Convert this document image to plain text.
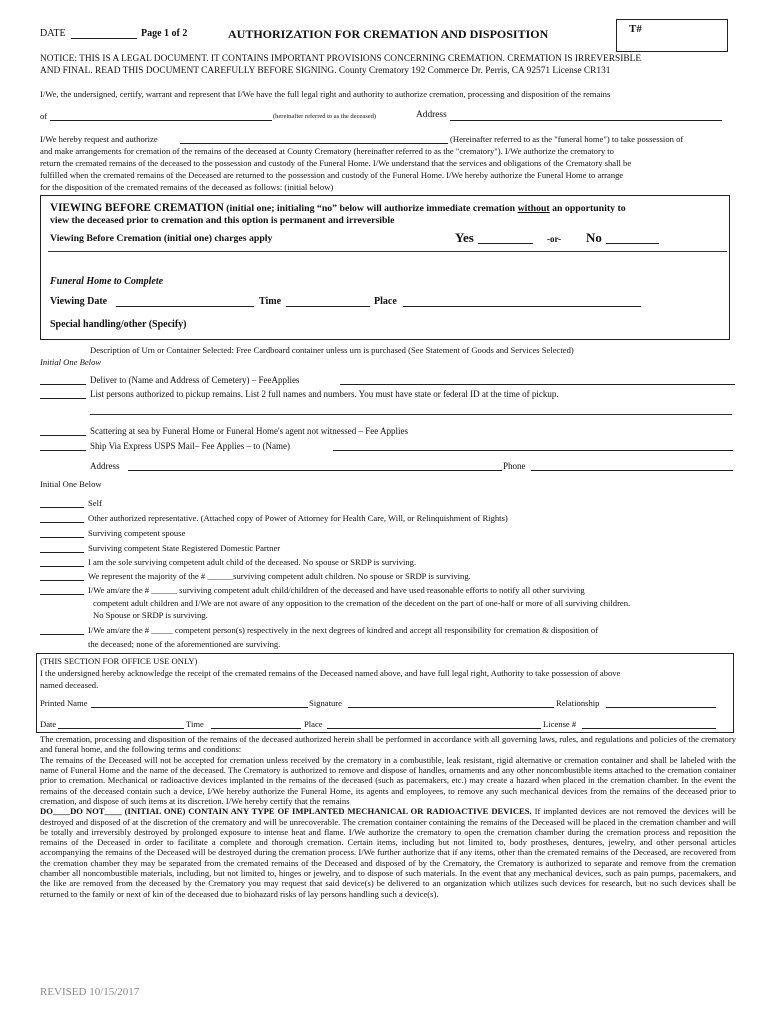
DATE	Page 1 of 2	AUTHORIZATION FOR CREMATION AND DISPOSITION	T#
NOTICE: THIS IS A LEGAL DOCUMENT. IT CONTAINS IMPORTANT PROVISIONS CONCERNING CREMATION. CREMATION IS IRREVERSIBLE
AND FINAL. READ THIS DOCUMENT CAREFULLY BEFORE SIGNING. County Crematory 192 Commerce Dr. Perris, CA 92571 License CR131
I/We, the undersigned, certify, warrant and represent that I/We have the full legal right and authority to authorize cremation, processing and disposition of the remains
of	(hereinafter referred to as the deceased)	Address
I/We hereby request and authorize	(Hereinafter referred to as the "funeral home") to take possession of
and make arrangements for cremation of the remains of the deceased at County Crematory (hereinafter referred to as the "crematory"). I/We authorize the crematory to
return the cremated remains of the deceased to the possession and custody of the Funeral Home. I/We understand that the services and obligations of the Crematory shall be
fulfilled when the cremated remains of the Deceased are returned to the possession and custody of the Funeral Home. I/We hereby authorize the Funeral Home to arrange
for the disposition of the cremated remains of the deceased as follows: (initial below)
VIEWING BEFORE CREMATION (initial one; initialing “no” below will authorize immediate cremation without an opportunity to
view the deceased prior to cremation and this option is permanent and irreversible
Viewing Before Cremation (initial one) charges apply	Yes	-or- No
Funeral Home to Complete
Viewing Date	Time	Place
Special handling/other (Specify)
Description of Urn or Container Selected: Free Cardboard container unless urn is purchased (See Statement of Goods and Services Selected)
Initial One Below
Deliver to (Name and Address of Cemetery) – FeeApplies
List persons authorized to pickup remains. List 2 full names and numbers. You must have state or federal ID at the time of pickup.
Scattering at sea by Funeral Home or Funeral Home's agent not witnessed – Fee Applies
Ship Via Express USPS Mail– Fee Applies – to (Name)
Address	Phone
Initial One Below
Self
Other authorized representative. (Attached copy of Power of Attorney for Health Care, Will, or Relinquishment of Rights)
Surviving competent spouse
Surviving competent State Registered Domestic Partner
I am the sole surviving competent adult child of the deceased. No spouse or SRDP is surviving.
We represent the majority of the # ______surviving competent adult children. No spouse or SRDP is surviving.
I/We am/are the # ______ surviving competent adult child/children of the deceased and have used reasonable efforts to notify all other surviving
competent adult children and I/We are not aware of any opposition to the cremation of the decedent on the part of one-half or more of all surviving children.
No Spouse or SRDP is surviving.
I/We am/are the # _____ competent person(s) respectively in the next degrees of kindred and accept all responsibility for cremation & disposition of
the deceased; none of the aforementioned are surviving.
(THIS SECTION FOR OFFICE USE ONLY)
I the undersigned hereby acknowledge the receipt of the cremated remains of the Deceased named above, and have full legal right, Authority to take possession of above
named deceased.
Printed Name	Signature	Relationship
Date	Time	Place	License #
The cremation, processing and disposition of the remains of the deceased authorized herein shall be performed in accordance with all governing laws, rules, and regulations and policies of the crematory and funeral home, and the following terms and conditions:
The remains of the Deceased will not be accepted for cremation unless received by the crematory in a combustible, leak resistant, rigid alternative or cremation container and shall be labeled with the name of Funeral Home and the name of the deceased. The Crematory is authorized to remove and dispose of handles, ornaments and any other noncombustible items attached to the cremation container prior to cremation. Mechanical or radioactive devices implanted in the remains of the deceased (such as pacemakers, etc.) may create a hazard when placed in the cremation chamber. In the event the remains of the deceased contain such a device, I/We hereby authorize the Funeral Home, its agents and employees, to remove any such mechanical devices from the remains of the deceased prior to cremation, and dispose of such items at its discretion. I/We hereby certify that the remains
DO____DO NOT____ (INITIAL ONE) CONTAIN ANY TYPE OF IMPLANTED MECHANICAL OR RADIOACTIVE DEVICES. If implanted devices are not removed the devices will be destroyed and disposed of at the discretion of the crematory and will be unrecoverable. The cremation container containing the remains of the Deceased will be placed in the cremation chamber and will be totally and irreversibly destroyed by prolonged exposure to intense heat and flame. I/We authorize the crematory to open the cremation chamber during the cremation process and reposition the remains of the Deceased in order to facilitate a complete and thorough cremation. Certain items, including but not limited to, body prostheses, dentures, jewelry, and other personal articles accompanying the remains of the Deceased will be destroyed during the cremation process. I/We further authorize that if any items, other than the cremated remains of the Deceased, are recovered from the cremation chamber they may be separated from the cremated remains of the Deceased and disposed of by the Crematory, the Crematory is authorized to separate and remove from the cremation chamber all noncombustible materials, including, but not limited to, hinges or jewelry, and to dispose of such materials. In the event that any mechanical devices, such as pain pumps, pacemakers, and the like are removed from the deceased by the Crematory you may request that said device(s) be delivered to an organization which utilizes such devices for research, but no such devices shall be returned to the family or next of kin of the deceased due to biohazard risks of lay persons handling such a device(s).
REVISED 10/15/2017
